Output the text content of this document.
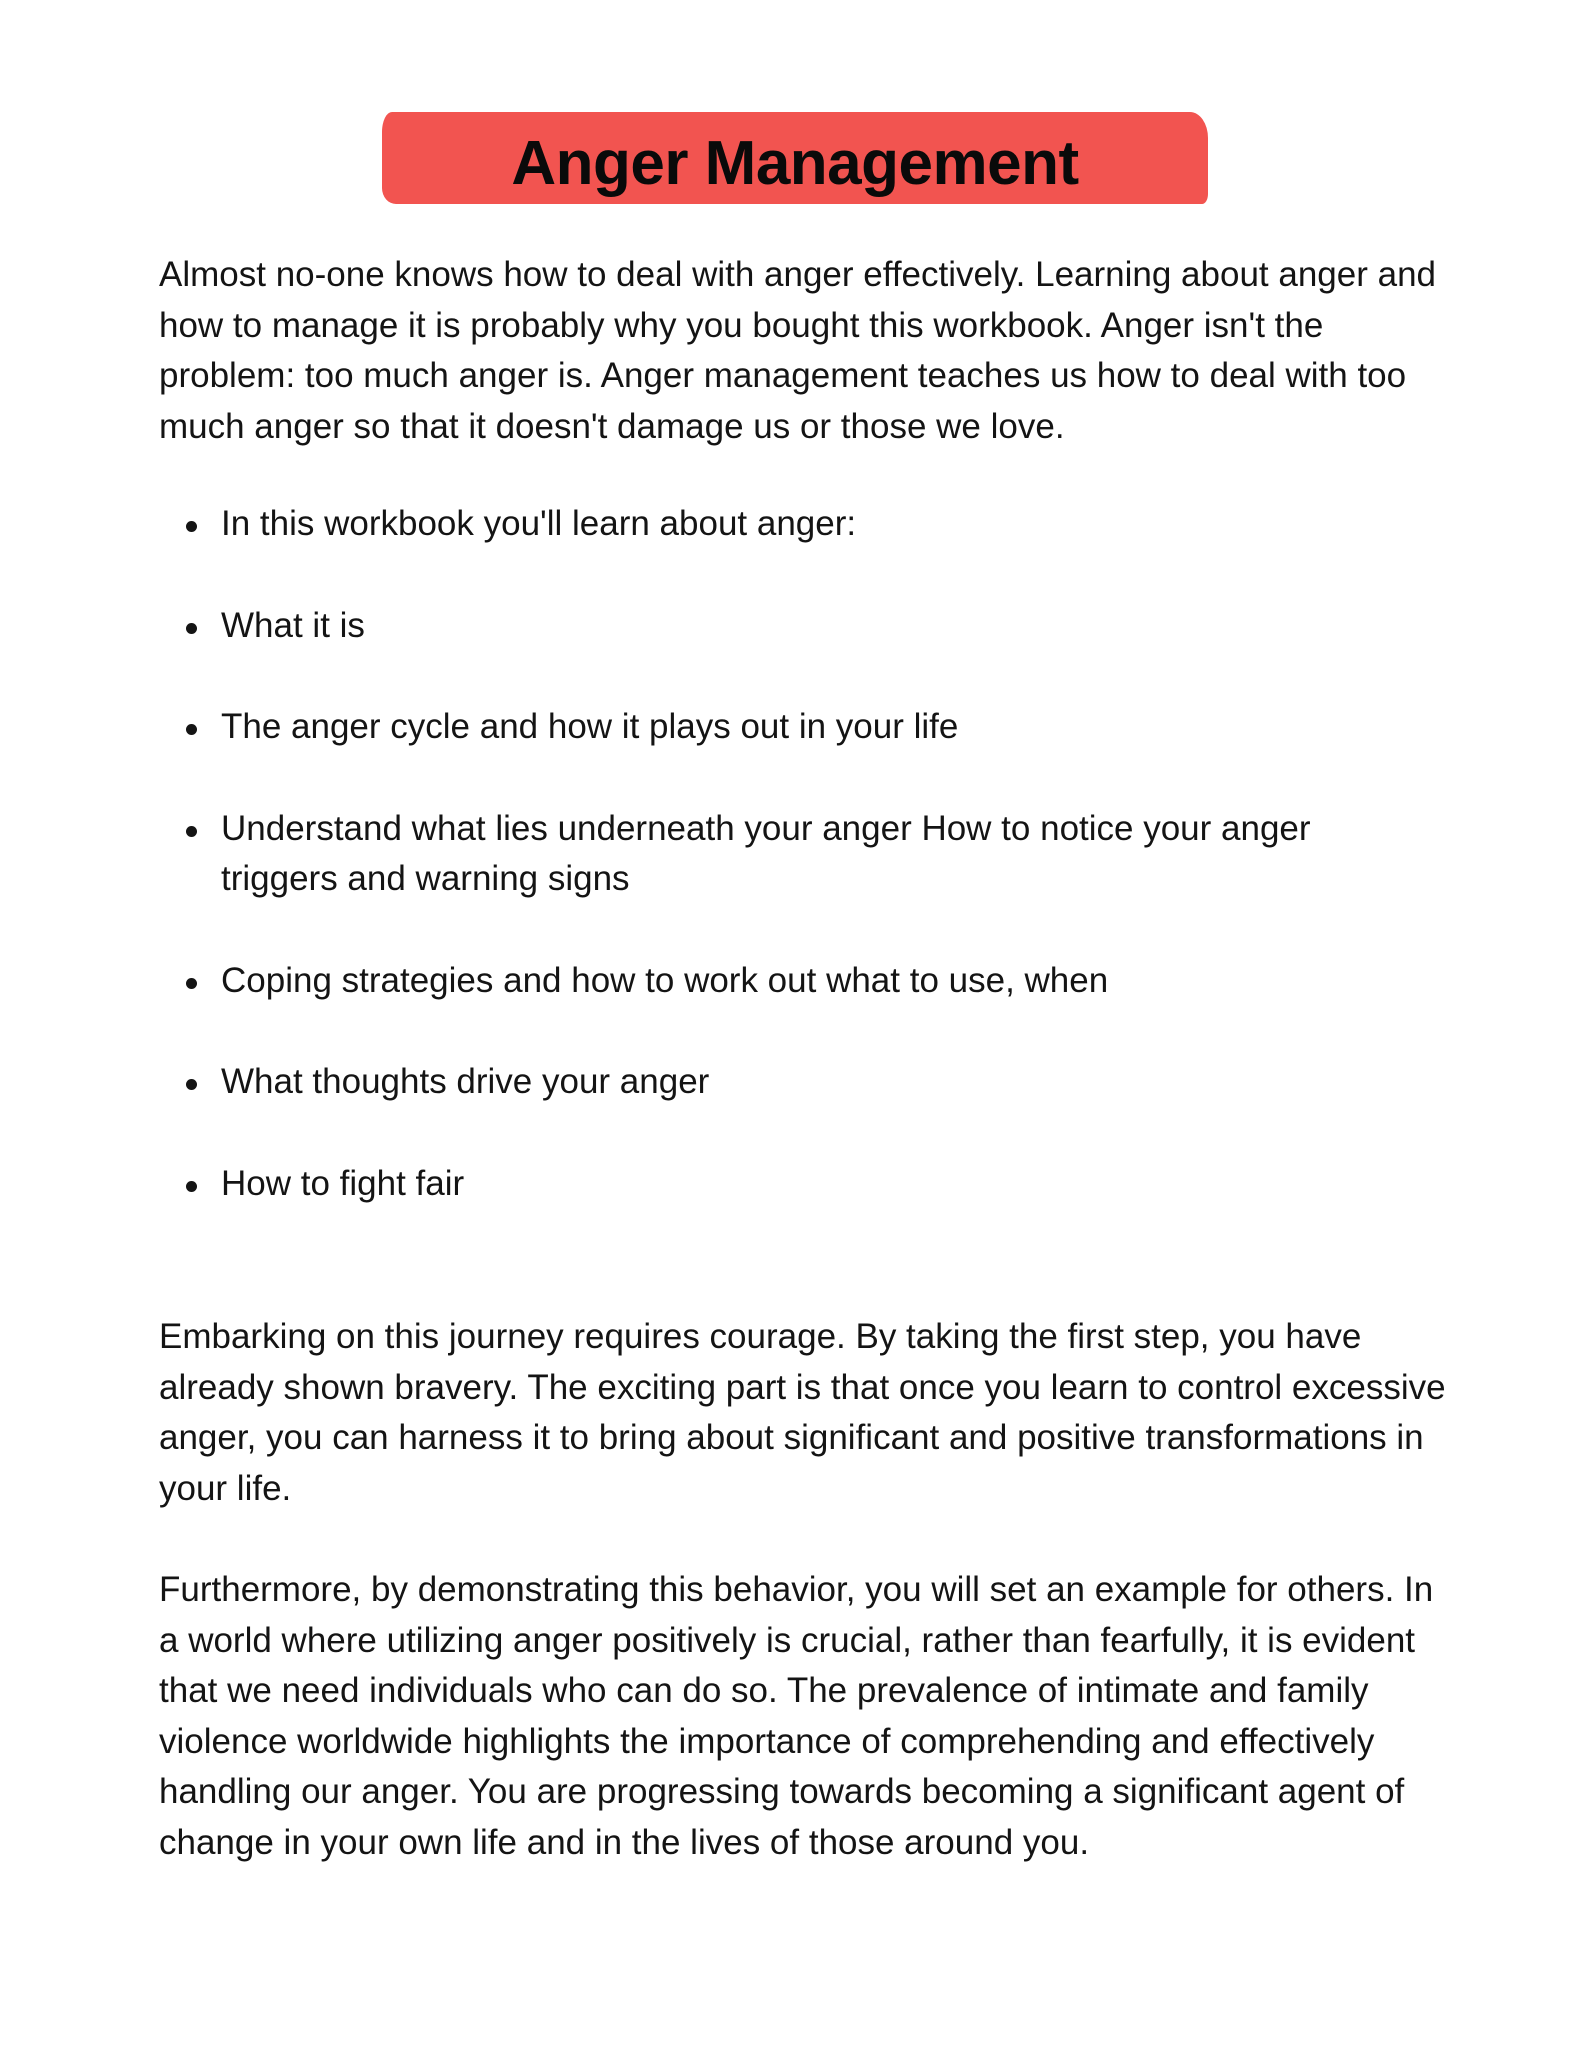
Anger Management

Almost no-one knows how to deal with anger effectively. Learning about anger and how to manage it is probably why you bought this workbook. Anger isn't the problem: too much anger is. Anger management teaches us how to deal with too much anger so that it doesn't damage us or those we love.

In this workbook you'll learn about anger:
What it is
The anger cycle and how it plays out in your life
Understand what lies underneath your anger How to notice your anger triggers and warning signs
Coping strategies and how to work out what to use, when
What thoughts drive your anger
How to fight fair

Embarking on this journey requires courage. By taking the first step, you have already shown bravery. The exciting part is that once you learn to control excessive anger, you can harness it to bring about significant and positive transformations in your life.

Furthermore, by demonstrating this behavior, you will set an example for others. In a world where utilizing anger positively is crucial, rather than fearfully, it is evident that we need individuals who can do so. The prevalence of intimate and family violence worldwide highlights the importance of comprehending and effectively handling our anger. You are progressing towards becoming a significant agent of change in your own life and in the lives of those around you.
